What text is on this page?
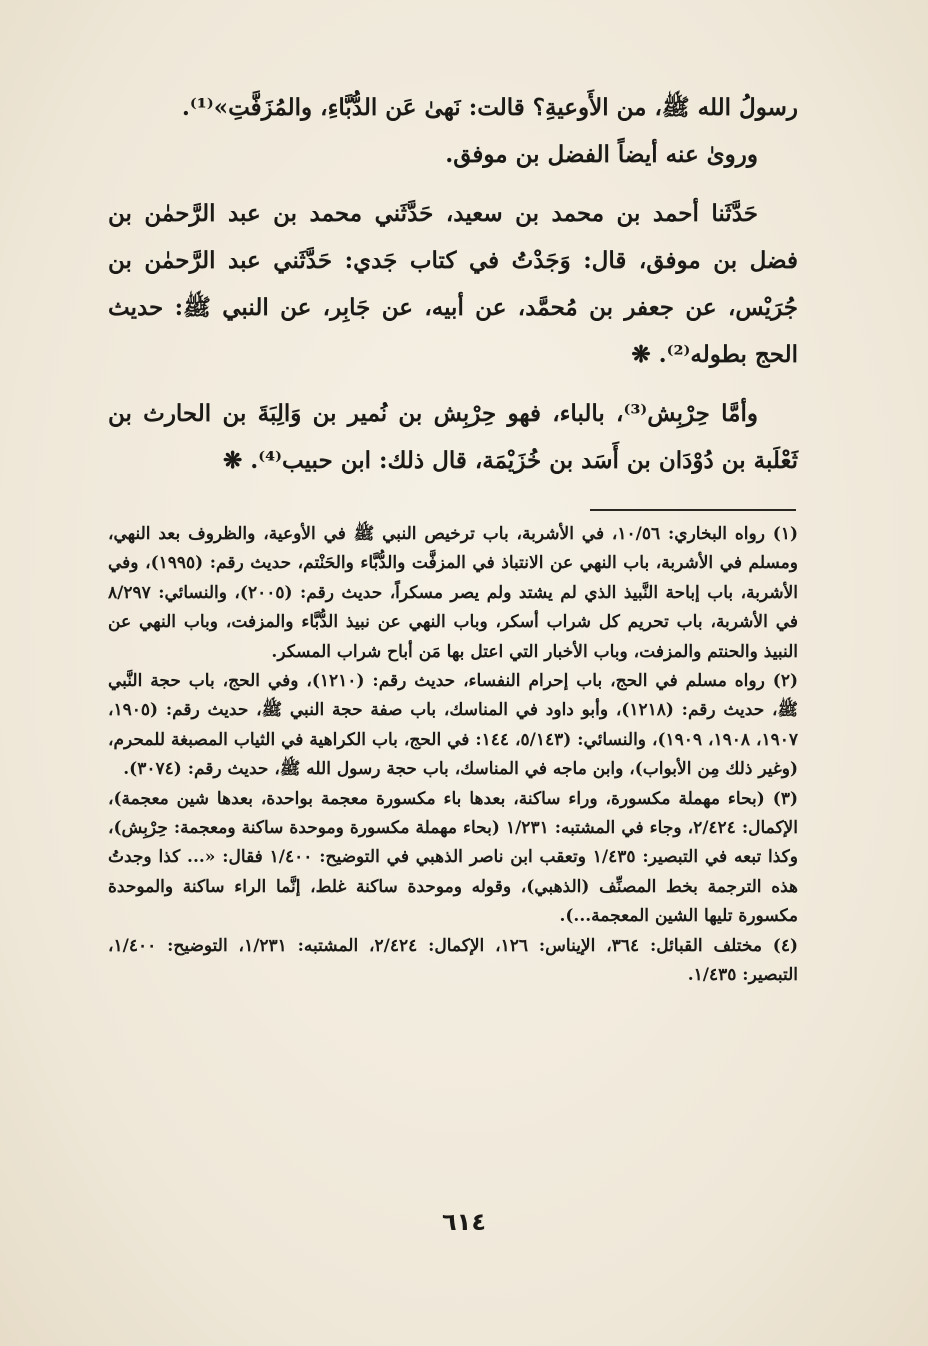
رسولُ الله ﷺ، من الأَوعيةِ؟ قالت: نَهىٰ عَن الدُّبَّاءِ، والمُزَفَّتِ»⁽¹⁾.

وروىٰ عنه أيضاً الفضل بن موفق.

حَدَّثَنا أحمد بن محمد بن سعيد، حَدَّثَني محمد بن عبد الرَّحمٰن بن فضل بن موفق، قال: وَجَدْتُ في كتاب جَدي: حَدَّثَني عبد الرَّحمٰن بن جُرَيْس، عن جعفر بن مُحمَّد، عن أبيه، عن جَابِر، عن النبي ﷺ: حديث الحج بطوله⁽²⁾. ❋

وأمَّا حِرْبِش⁽³⁾، بالباء، فهو حِرْبِش بن نُمير بن وَالِبَةَ بن الحارث بن ثَعْلَبة بن دُوْدَان بن أَسَد بن خُزَيْمَة، قال ذلك: ابن حبيب⁽⁴⁾. ❋

(١) رواه البخاري: ١٠/٥٦، في الأشربة، باب ترخيص النبي ﷺ في الأوعية، والظروف بعد النهي، ومسلم في الأشربة، باب النهي عن الانتباذ في المزفَّت والدُّبَّاء والحَنْتم، حديث رقم: (١٩٩٥)، وفي الأشربة، باب إباحة النَّبيذ الذي لم يشتد ولم يصر مسكراً، حديث رقم: (٢٠٠٥)، والنسائي: ٨/٢٩٧ في الأشربة، باب تحريم كل شراب أسكر، وباب النهي عن نبيذ الدُّبَّاء والمزفت، وباب النهي عن النبيذ والحنتم والمزفت، وباب الأخبار التي اعتل بها مَن أباح شراب المسكر.

(٢) رواه مسلم في الحج، باب إحرام النفساء، حديث رقم: (١٢١٠)، وفي الحج، باب حجة النَّبي ﷺ، حديث رقم: (١٢١٨)، وأبو داود في المناسك، باب صفة حجة النبي ﷺ، حديث رقم: (١٩٠٥، ١٩٠٧، ١٩٠٨، ١٩٠٩)، والنسائي: (٥/١٤٣، ١٤٤: في الحج، باب الكراهية في الثياب المصبغة للمحرم، (وغير ذلك مِن الأبواب)، وابن ماجه في المناسك، باب حجة رسول الله ﷺ، حديث رقم: (٣٠٧٤).

(٣) (بحاء مهملة مكسورة، وراء ساكنة، بعدها باء مكسورة معجمة بواحدة، بعدها شين معجمة)، الإكمال: ٢/٤٢٤، وجاء في المشتبه: ١/٢٣١ (بحاء مهملة مكسورة وموحدة ساكنة ومعجمة: حِرْبِش)، وكذا تبعه في التبصير: ١/٤٣٥ وتعقب ابن ناصر الذهبي في التوضيح: ١/٤٠٠ فقال: «... كذا وجدتُ هذه الترجمة بخط المصنِّف (الذهبي)، وقوله وموحدة ساكنة غلط، إنَّما الراء ساكنة والموحدة مكسورة تليها الشين المعجمة...).

(٤) مختلف القبائل: ٣٦٤، الإيناس: ١٢٦، الإكمال: ٢/٤٢٤، المشتبه: ١/٢٣١، التوضيح: ١/٤٠٠، التبصير: ١/٤٣٥.

٦١٤
